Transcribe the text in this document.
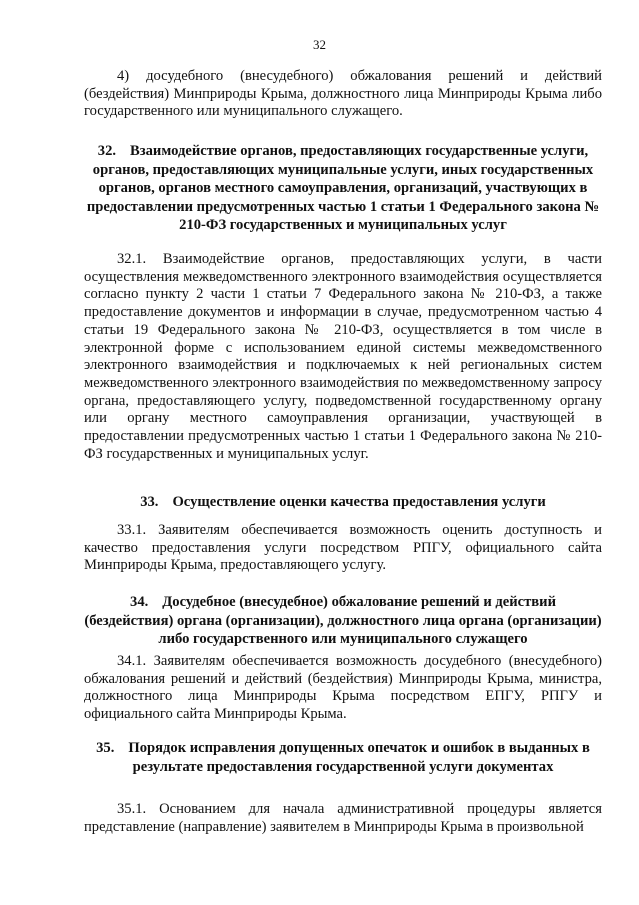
32

4) досудебного (внесудебного) обжалования решений и действий (бездействия) Минприроды Крыма, должностного лица Минприроды Крыма либо государственного или муниципального служащего.

32. Взаимодействие органов, предоставляющих государственные услуги, органов, предоставляющих муниципальные услуги, иных государственных органов, органов местного самоуправления, организаций, участвующих в предоставлении предусмотренных частью 1 статьи 1 Федерального закона № 210-ФЗ государственных и муниципальных услуг

32.1. Взаимодействие органов, предоставляющих услуги, в части осуществления межведомственного электронного взаимодействия осуществляется согласно пункту 2 части 1 статьи 7 Федерального закона № 210-ФЗ, а также предоставление документов и информации в случае, предусмотренном частью 4 статьи 19 Федерального закона № 210-ФЗ, осуществляется в том числе в электронной форме с использованием единой системы межведомственного электронного взаимодействия и подключаемых к ней региональных систем межведомственного электронного взаимодействия по межведомственному запросу органа, предоставляющего услугу, подведомственной государственному органу или органу местного самоуправления организации, участвующей в предоставлении предусмотренных частью 1 статьи 1 Федерального закона № 210-ФЗ государственных и муниципальных услуг.

33. Осуществление оценки качества предоставления услуги

33.1. Заявителям обеспечивается возможность оценить доступность и качество предоставления услуги посредством РПГУ, официального сайта Минприроды Крыма, предоставляющего услугу.

34. Досудебное (внесудебное) обжалование решений и действий (бездействия) органа (организации), должностного лица органа (организации) либо государственного или муниципального служащего

34.1. Заявителям обеспечивается возможность досудебного (внесудебного) обжалования решений и действий (бездействия) Минприроды Крыма, министра, должностного лица Минприроды Крыма посредством ЕПГУ, РПГУ и официального сайта Минприроды Крыма.

35. Порядок исправления допущенных опечаток и ошибок в выданных в результате предоставления государственной услуги документах

35.1. Основанием для начала административной процедуры является представление (направление) заявителем в Минприроды Крыма в произвольной
